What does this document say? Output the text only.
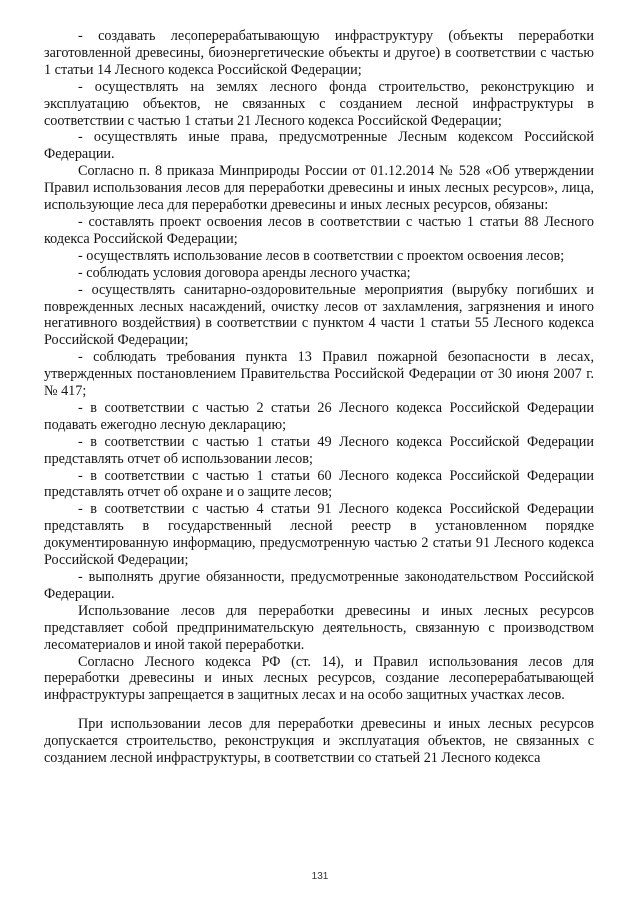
- создавать лесоперерабатывающую инфраструктуру (объекты переработки заготовленной древесины, биоэнергетические объекты и другое) в соответствии с частью 1 статьи 14 Лесного кодекса Российской Федерации;

- осуществлять на землях лесного фонда строительство, реконструкцию и эксплуатацию объектов, не связанных с созданием лесной инфраструктуры в соответствии с частью 1 статьи 21 Лесного кодекса Российской Федерации;

- осуществлять иные права, предусмотренные Лесным кодексом Российской Федерации.

Согласно п. 8 приказа Минприроды России от 01.12.2014 № 528 «Об утверждении Правил использования лесов для переработки древесины и иных лесных ресурсов», лица, использующие леса для переработки древесины и иных лесных ресурсов, обязаны:

- составлять проект освоения лесов в соответствии с частью 1 статьи 88 Лесного кодекса Российской Федерации;

- осуществлять использование лесов в соответствии с проектом освоения лесов;

- соблюдать условия договора аренды лесного участка;

- осуществлять санитарно-оздоровительные мероприятия (вырубку погибших и поврежденных лесных насаждений, очистку лесов от захламления, загрязнения и иного негативного воздействия) в соответствии с пунктом 4 части 1 статьи 55 Лесного кодекса Российской Федерации;

- соблюдать требования пункта 13 Правил пожарной безопасности в лесах, утвержденных постановлением Правительства Российской Федерации от 30 июня 2007 г. № 417;

- в соответствии с частью 2 статьи 26 Лесного кодекса Российской Федерации подавать ежегодно лесную декларацию;

- в соответствии с частью 1 статьи 49 Лесного кодекса Российской Федерации представлять отчет об использовании лесов;

- в соответствии с частью 1 статьи 60 Лесного кодекса Российской Федерации представлять отчет об охране и о защите лесов;

- в соответствии с частью 4 статьи 91 Лесного кодекса Российской Федерации представлять в государственный лесной реестр в установленном порядке документированную информацию, предусмотренную частью 2 статьи 91 Лесного кодекса Российской Федерации;

- выполнять другие обязанности, предусмотренные законодательством Российской Федерации.

Использование лесов для переработки древесины и иных лесных ресурсов представляет собой предпринимательскую деятельность, связанную с производством лесоматериалов и иной такой переработки.

Согласно Лесного кодекса РФ (ст. 14), и Правил использования лесов для переработки древесины и иных лесных ресурсов, создание лесоперерабатывающей инфраструктуры запрещается в защитных лесах и на особо защитных участках лесов.

При использовании лесов для переработки древесины и иных лесных ресурсов допускается строительство, реконструкция и эксплуатация объектов, не связанных с созданием лесной инфраструктуры, в соответствии со статьей 21 Лесного кодекса

131
